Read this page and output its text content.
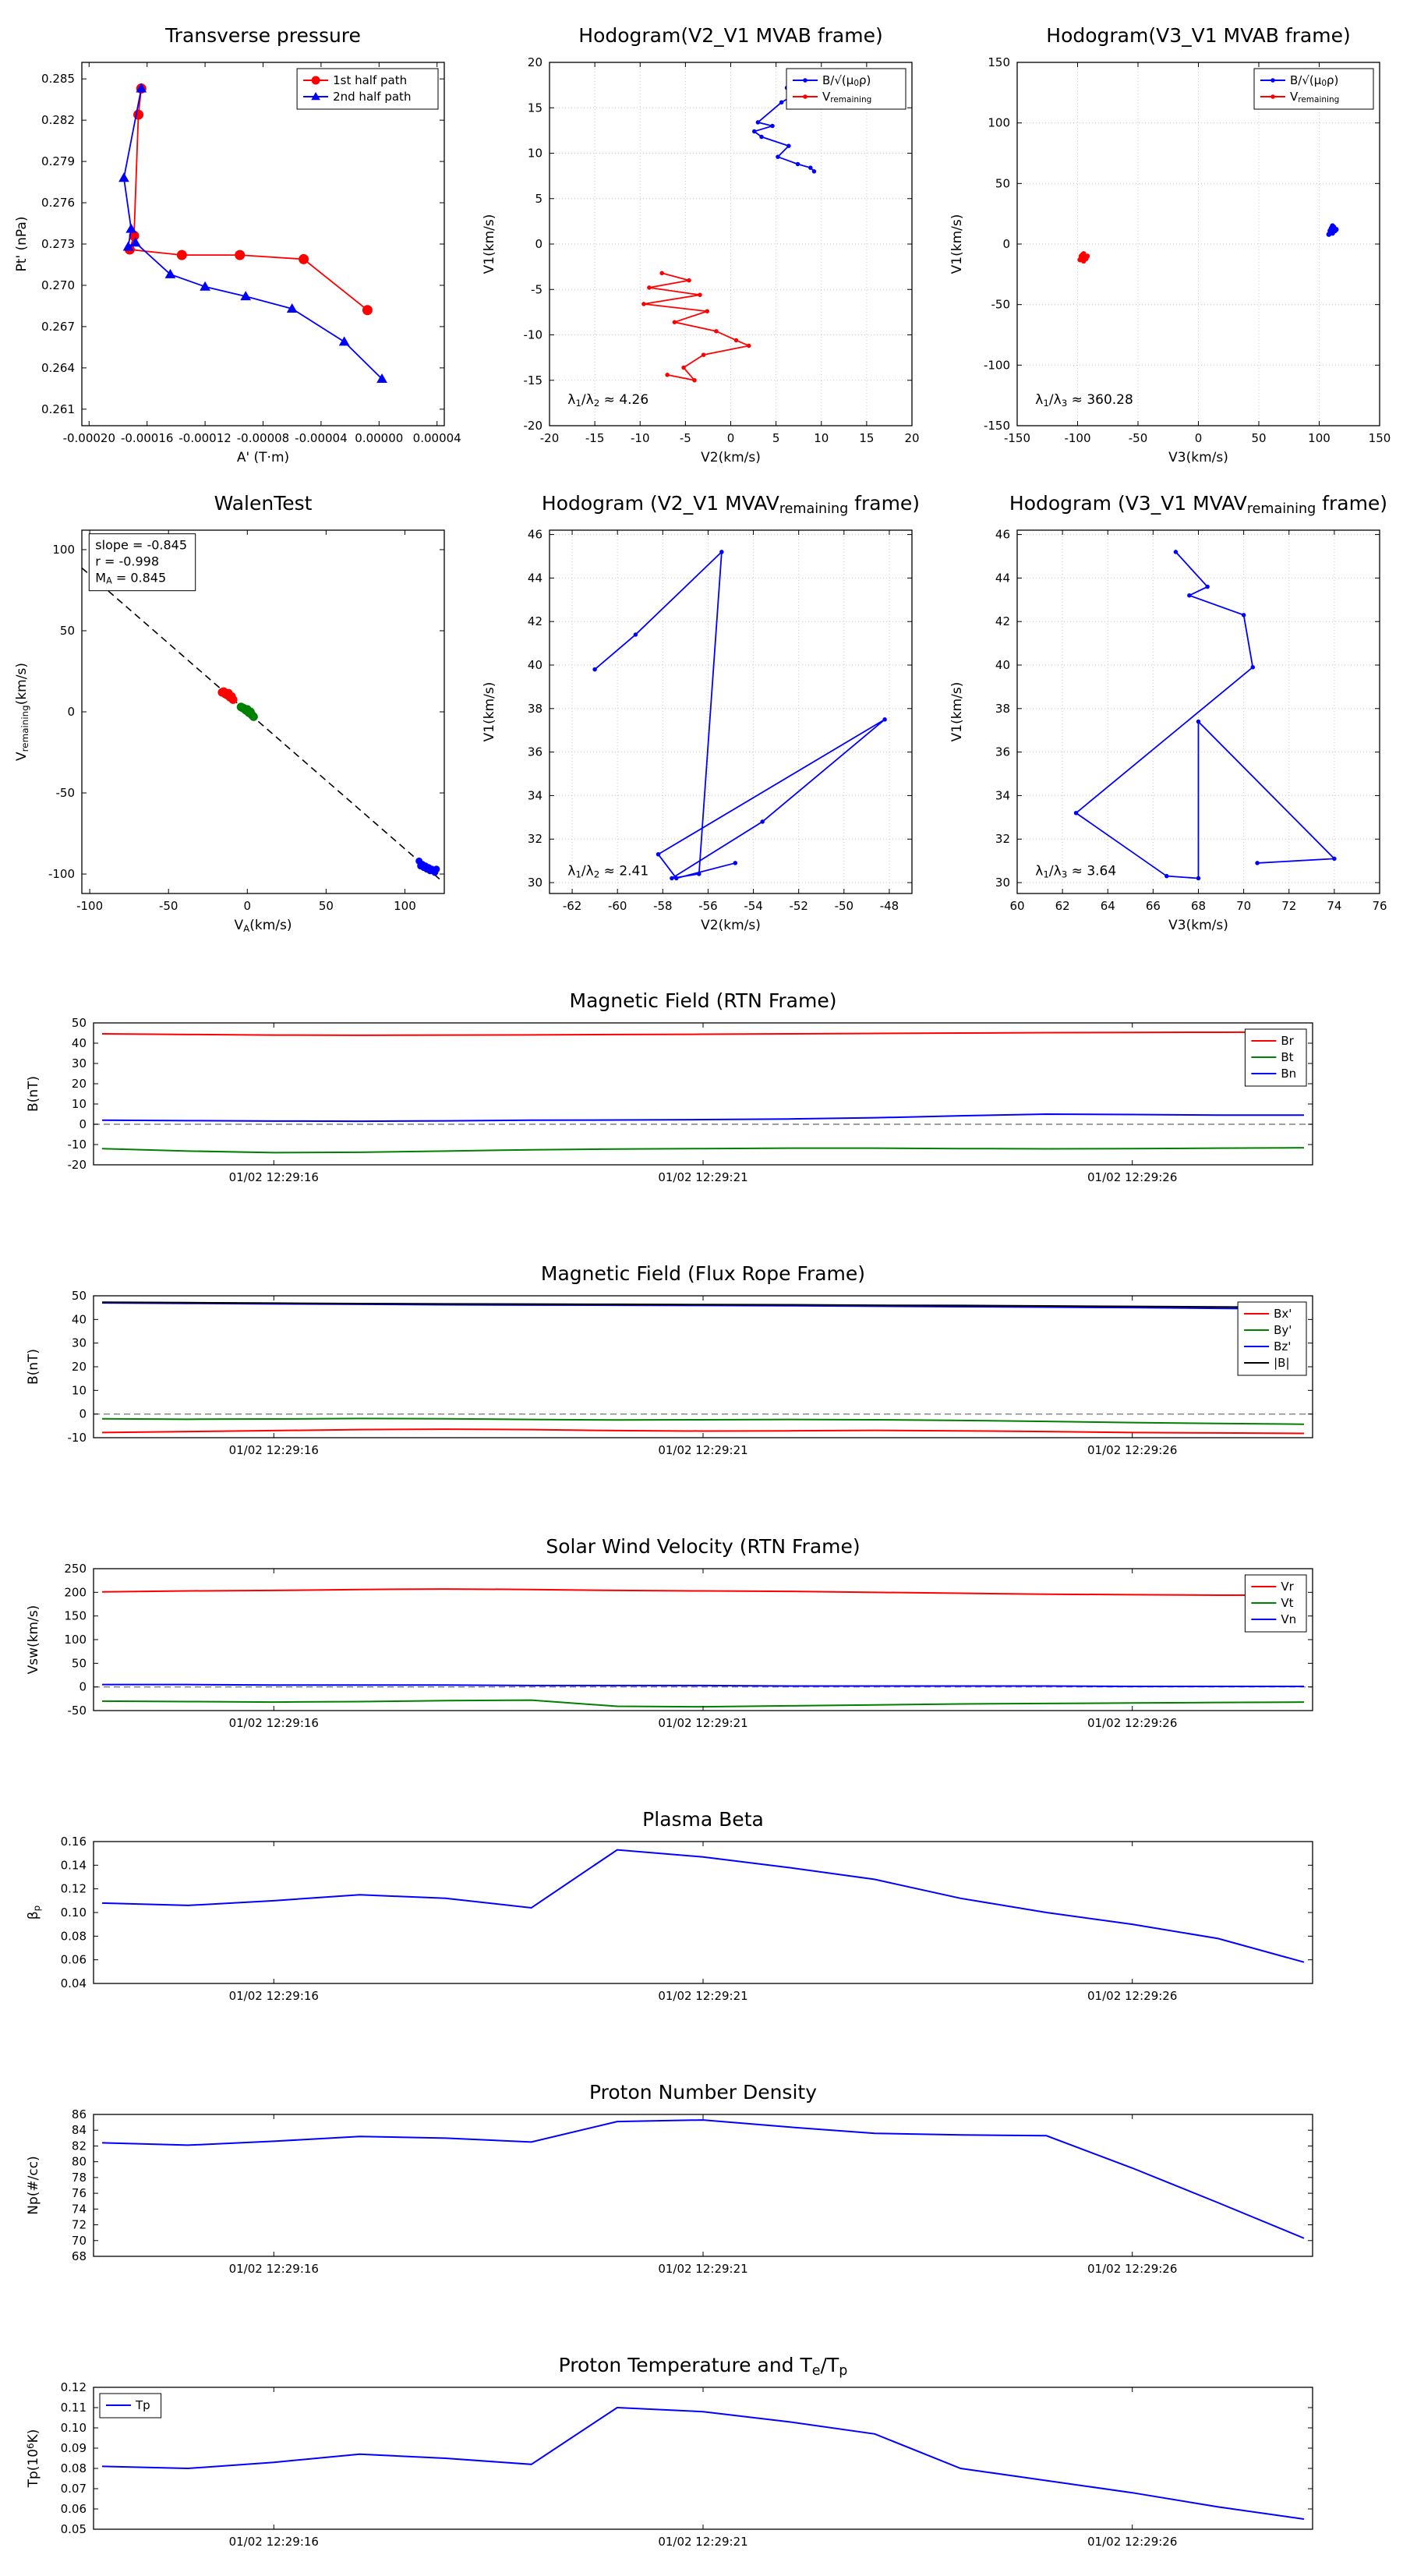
-0.00020 -0.00016 -0.00012 -0.00008 -0.00004 0.00000 0.00004
0.261
0.264
0.267
0.270
0.273
0.276
0.279
0.282
0.285
Transverse pressure
A' (T·m)
Pt' (nPa)
1st half path
2nd half path
-20 -15 -10	-5	0	5	10	15	20
-20
-15
-10
-5
0
5
10
15
20
Hodogram(V2_V1 MVAB frame)
V2(km/s)
V1(km/s)
λ1/λ2 ≈ 4.26
B/√(μ0ρ)
Vremaining
-150	-100	-50	0	50	100	150
-150
-100
-50
0
50
100
150
Hodogram(V3_V1 MVAB frame)
V3(km/s)
V1(km/s)
λ1/λ3 ≈ 360.28
B/√(μ0ρ)
Vremaining
-100	-50	0	50	100
-100
-50
0
50
100
WalenTest
VA(km/s)
Vremaining(km/s)
slope = -0.845
r = -0.998
MA = 0.845
-62 -60 -58 -56 -54 -52 -50 -48
30
32
34
36
38
40
42
44
46
Hodogram (V2_V1 MVAVremaining frame)
V2(km/s)
V1(km/s)
λ1/λ2 ≈ 2.41
60	62	64	66	68	70	72	74	76
30
32
34
36
38
40
42
44
46
Hodogram (V3_V1 MVAVremaining frame)
V3(km/s)
V1(km/s)
λ1/λ3 ≈ 3.64
01/02 12:29:16	01/02 12:29:21	01/02 12:29:26
-20
-10
0
10
20
30
40
50
Magnetic Field (RTN Frame)
B(nT)
Br
Bt
Bn
01/02 12:29:16	01/02 12:29:21	01/02 12:29:26
-10
0
10
20
30
40
50
Magnetic Field (Flux Rope Frame)
B(nT)
Bx'
By'
Bz'
|B|
01/02 12:29:16	01/02 12:29:21	01/02 12:29:26
-50
0
50
100
150
200
250
Solar Wind Velocity (RTN Frame)
Vsw(km/s)
Vr
Vt
Vn
01/02 12:29:16	01/02 12:29:21	01/02 12:29:26
0.04
0.06
0.08
0.10
0.12
0.14
0.16
Plasma Beta
βp
01/02 12:29:16	01/02 12:29:21	01/02 12:29:26
68
70
72
74
76
78
80
82
84
86
Proton Number Density
Np(#/cc)
01/02 12:29:16	01/02 12:29:21	01/02 12:29:26
0.05
0.06
0.07
0.08
0.09
0.10
0.11
0.12
Proton Temperature and Te/Tp
Tp(106K)
Tp
